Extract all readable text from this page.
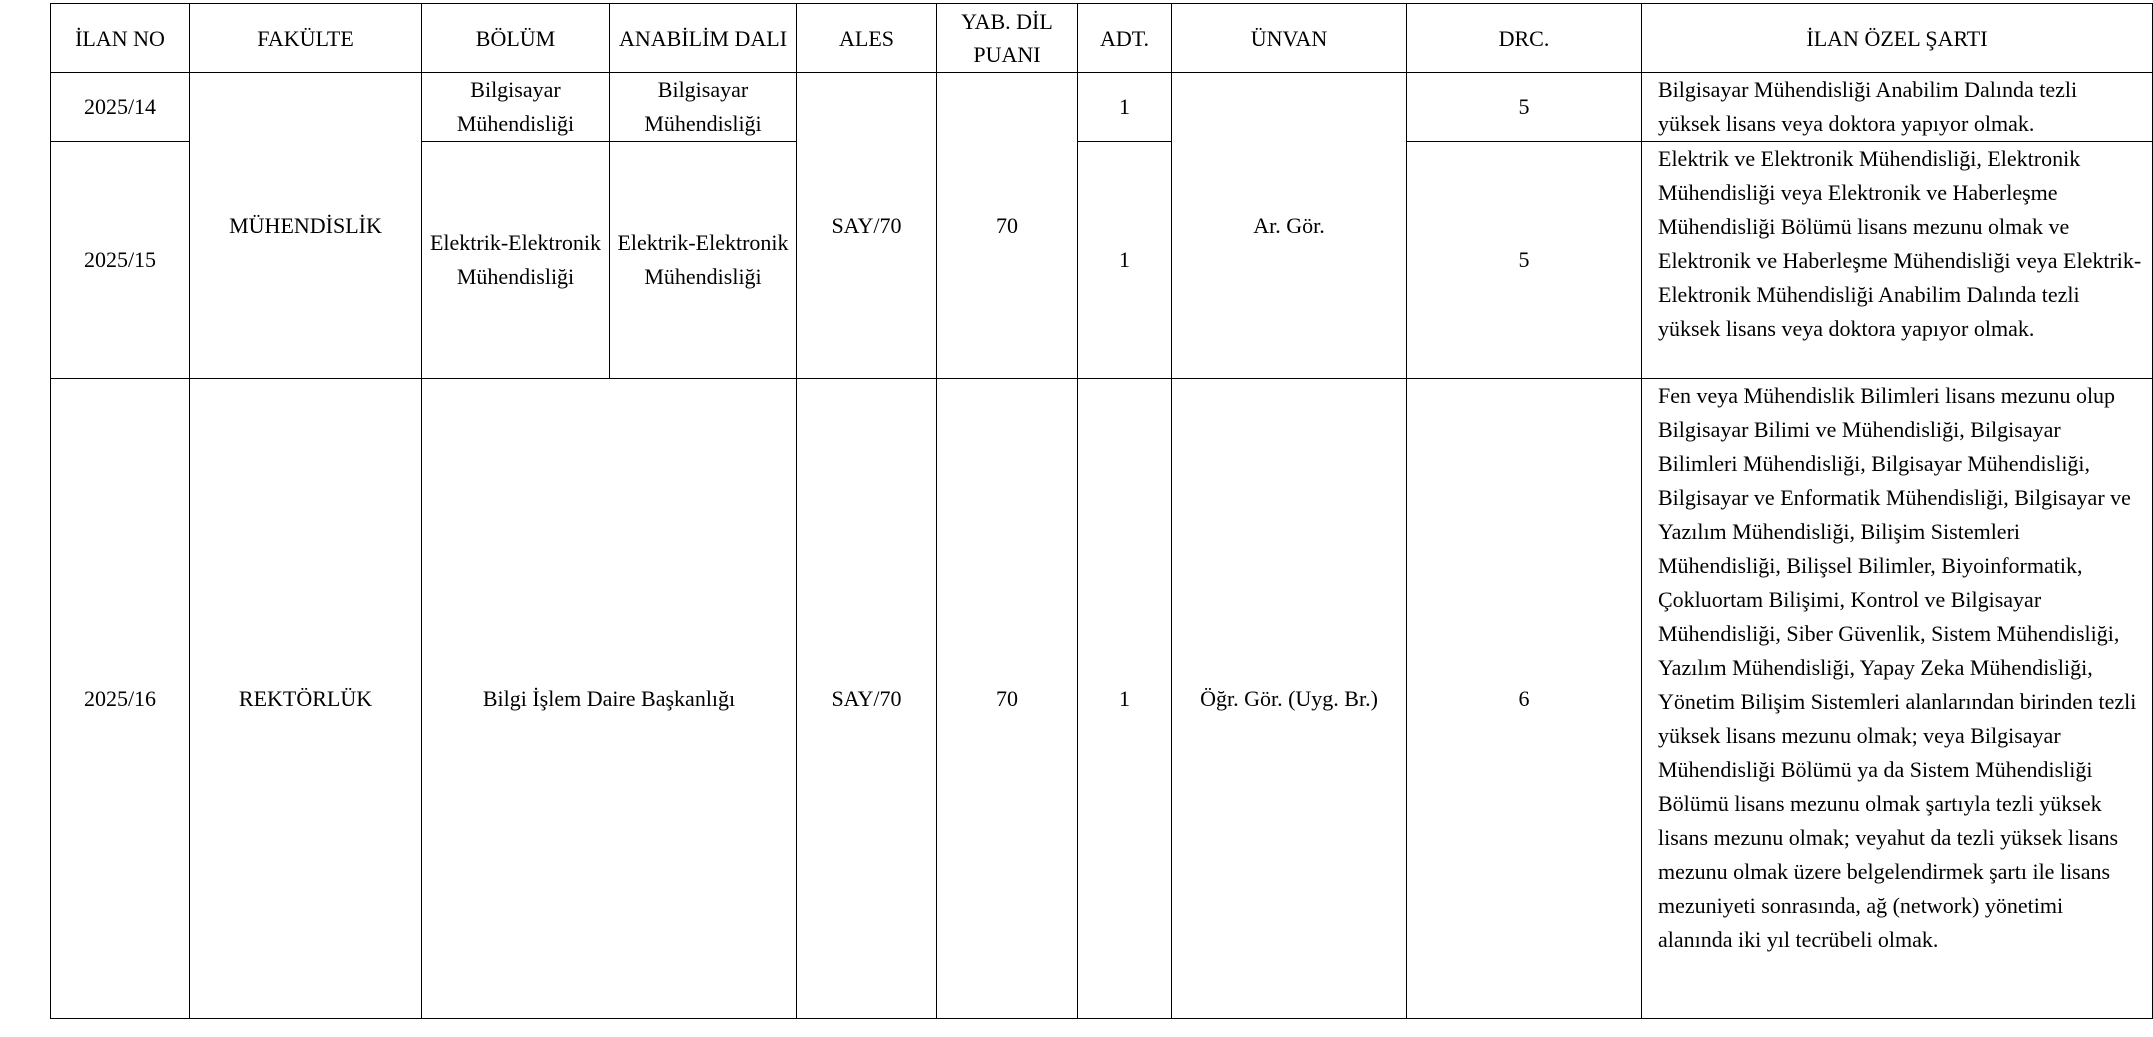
İLAN NO	FAKÜLTE	BÖLÜM	ANABİLİM DALI	ALES	YAB. DİL PUANI	ADT.	ÜNVAN	DRC.	İLAN ÖZEL ŞARTI
2025/14	MÜHENDİSLİK	Bilgisayar Mühendisliği	Bilgisayar Mühendisliği	SAY/70	70	1	Ar. Gör.	5	Bilgisayar Mühendisliği Anabilim Dalında tezli yüksek lisans veya doktora yapıyor olmak.
2025/15		Elektrik-Elektronik Mühendisliği	Elektrik-Elektronik Mühendisliği			1		5	Elektrik ve Elektronik Mühendisliği, Elektronik Mühendisliği veya Elektronik ve Haberleşme Mühendisliği Bölümü lisans mezunu olmak ve Elektronik ve Haberleşme Mühendisliği veya Elektrik-Elektronik Mühendisliği Anabilim Dalında tezli yüksek lisans veya doktora yapıyor olmak.
2025/16	REKTÖRLÜK	Bilgi İşlem Daire Başkanlığı		SAY/70	70	1	Öğr. Gör. (Uyg. Br.)	6	Fen veya Mühendislik Bilimleri lisans mezunu olup Bilgisayar Bilimi ve Mühendisliği, Bilgisayar Bilimleri Mühendisliği, Bilgisayar Mühendisliği, Bilgisayar ve Enformatik Mühendisliği, Bilgisayar ve Yazılım Mühendisliği, Bilişim Sistemleri Mühendisliği, Bilişsel Bilimler, Biyoinformatik, Çokluortam Bilişimi, Kontrol ve Bilgisayar Mühendisliği, Siber Güvenlik, Sistem Mühendisliği, Yazılım Mühendisliği, Yapay Zeka Mühendisliği, Yönetim Bilişim Sistemleri alanlarından birinden tezli yüksek lisans mezunu olmak; veya Bilgisayar Mühendisliği Bölümü ya da Sistem Mühendisliği Bölümü lisans mezunu olmak şartıyla tezli yüksek lisans mezunu olmak; veyahut da tezli yüksek lisans mezunu olmak üzere belgelendirmek şartı ile lisans mezuniyeti sonrasında, ağ (network) yönetimi alanında iki yıl tecrübeli olmak.
